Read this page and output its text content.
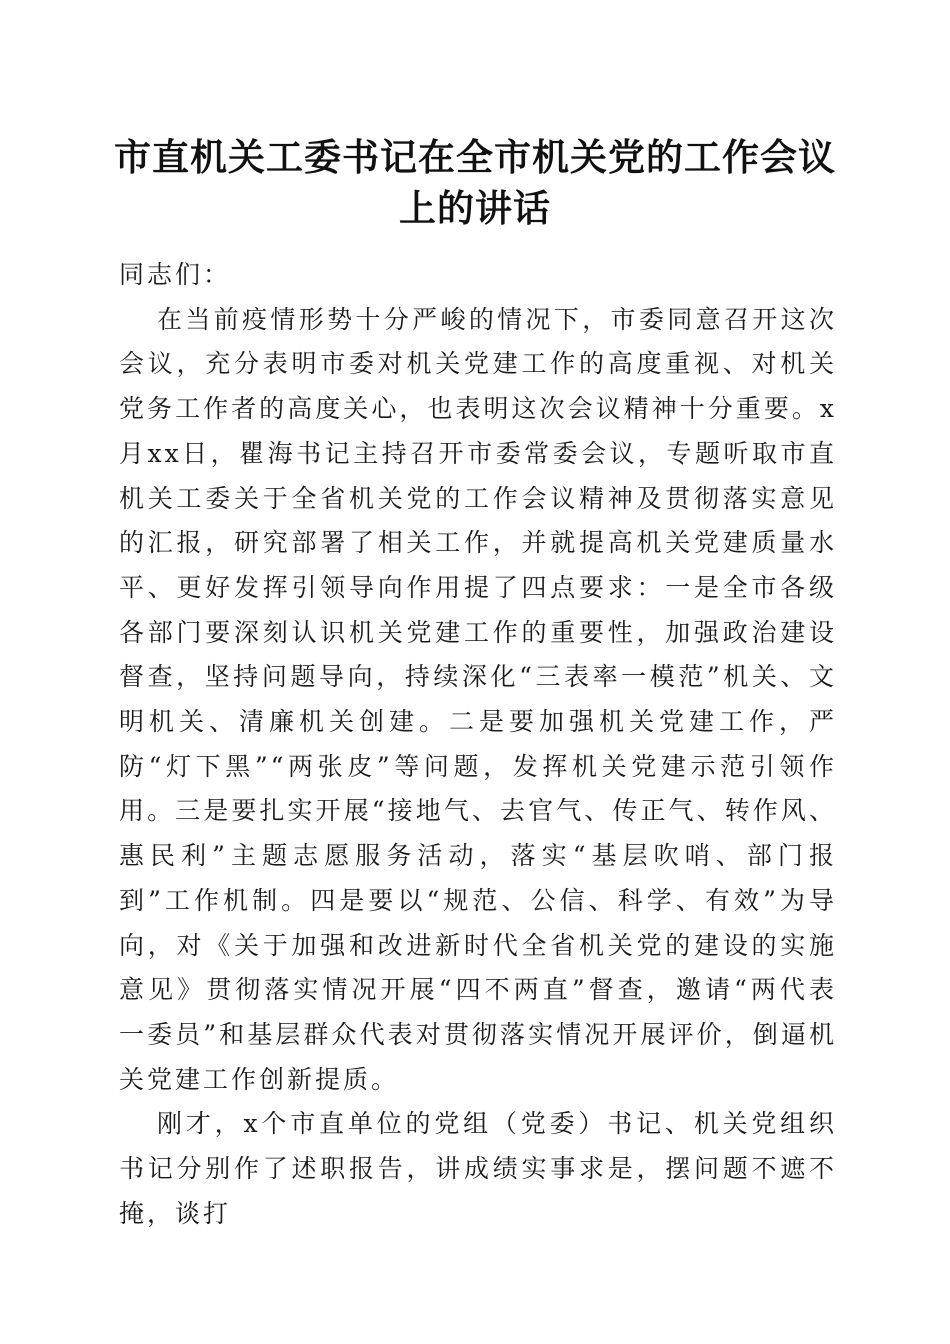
市直机关工委书记在全市机关党的工作会议上的讲话

同志们：

在当前疫情形势十分严峻的情况下，市委同意召开这次会议，充分表明市委对机关党建工作的高度重视、对机关党务工作者的高度关心，也表明这次会议精神十分重要。x月xx日，瞿海书记主持召开市委常委会议，专题听取市直机关工委关于全省机关党的工作会议精神及贯彻落实意见的汇报，研究部署了相关工作，并就提高机关党建质量水平、更好发挥引领导向作用提了四点要求：一是全市各级各部门要深刻认识机关党建工作的重要性，加强政治建设督查，坚持问题导向，持续深化“三表率一模范”机关、文明机关、清廉机关创建。二是要加强机关党建工作，严防“灯下黑”“两张皮”等问题，发挥机关党建示范引领作用。三是要扎实开展“接地气、去官气、传正气、转作风、惠民利”主题志愿服务活动，落实“基层吹哨、部门报到”工作机制。四是要以“规范、公信、科学、有效”为导向，对《关于加强和改进新时代全省机关党的建设的实施意见》贯彻落实情况开展“四不两直”督查，邀请“两代表一委员”和基层群众代表对贯彻落实情况开展评价，倒逼机关党建工作创新提质。

刚才，x个市直单位的党组（党委）书记、机关党组织书记分别作了述职报告，讲成绩实事求是，摆问题不遮不掩，谈打
